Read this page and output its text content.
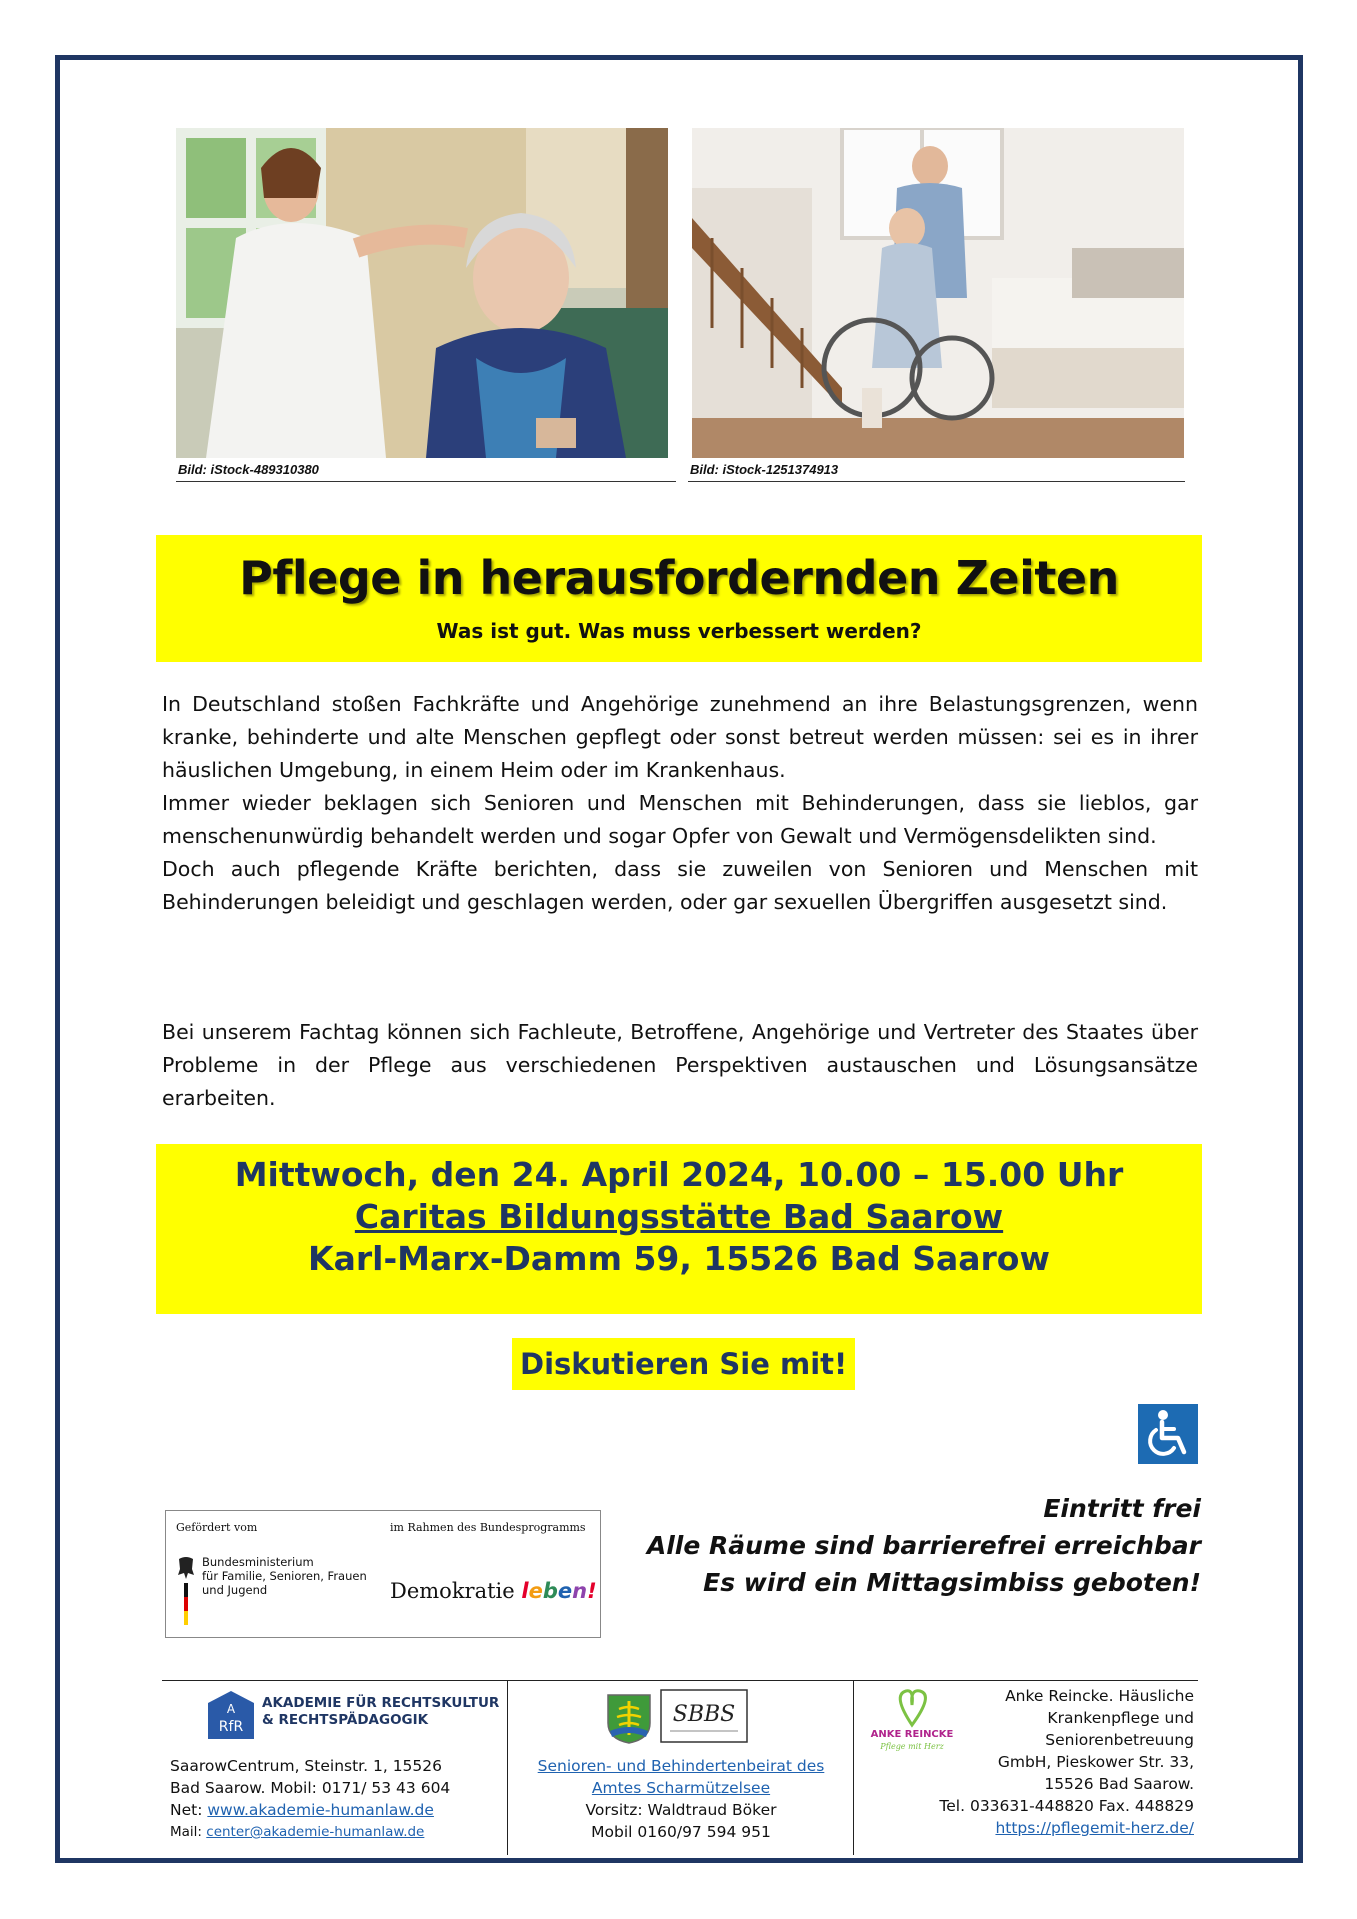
Bild: iStock-489310380	Bild: iStock-1251374913
Pflege in herausfordernden Zeiten
Was ist gut. Was muss verbessert werden?

In Deutschland stoßen Fachkräfte und Angehörige zunehmend an ihre Belastungsgrenzen, wenn kranke, behinderte und alte Menschen gepflegt oder sonst betreut werden müssen: sei es in ihrer häuslichen Umgebung, in einem Heim oder im Krankenhaus.

Immer wieder beklagen sich Senioren und Menschen mit Behinderungen, dass sie lieblos, gar menschenunwürdig behandelt werden und sogar Opfer von Gewalt und Vermögensdelikten sind.

Doch auch pflegende Kräfte berichten, dass sie zuweilen von Senioren und Menschen mit Behinderungen beleidigt und geschlagen werden, oder gar sexuellen Übergriffen ausgesetzt sind.

Bei unserem Fachtag können sich Fachleute, Betroffene, Angehörige und Vertreter des Staates über Probleme in der Pflege aus verschiedenen Perspektiven austauschen und Lösungsansätze erarbeiten.

Mittwoch, den 24. April 2024, 10.00 – 15.00 Uhr
Caritas Bildungsstätte Bad Saarow
Karl-Marx-Damm 59, 15526 Bad Saarow
Diskutieren Sie mit!
Gefördert vom	im Rahmen des Bundesprogramms
Bundesministerium
für Familie, Senioren, Frauen
und Jugend	Demokratie leben!
Eintritt frei
Alle Räume sind barrierefrei erreichbar
Es wird ein Mittagsimbiss geboten!
A
RfR
AKADEMIE FÜR RECHTSKULTUR
& RECHTSPÄDAGOGIK
SaarowCentrum, Steinstr. 1, 15526
Bad Saarow. Mobil: 0171/ 53 43 604
Net: www.akademie-humanlaw.de
Mail: center@akademie-humanlaw.de
SBBS
Senioren- und Behindertenbeirat des
Amtes Scharmützelsee
Vorsitz: Waldtraud Böker
Mobil 0160/97 594 951
ANKE REINCKE
Pflege mit Herz
Anke Reincke. Häusliche
Krankenpflege und
Seniorenbetreuung
GmbH, Pieskower Str. 33,
15526 Bad Saarow.
Tel. 033631-448820 Fax. 448829
https://pflegemit-herz.de/
